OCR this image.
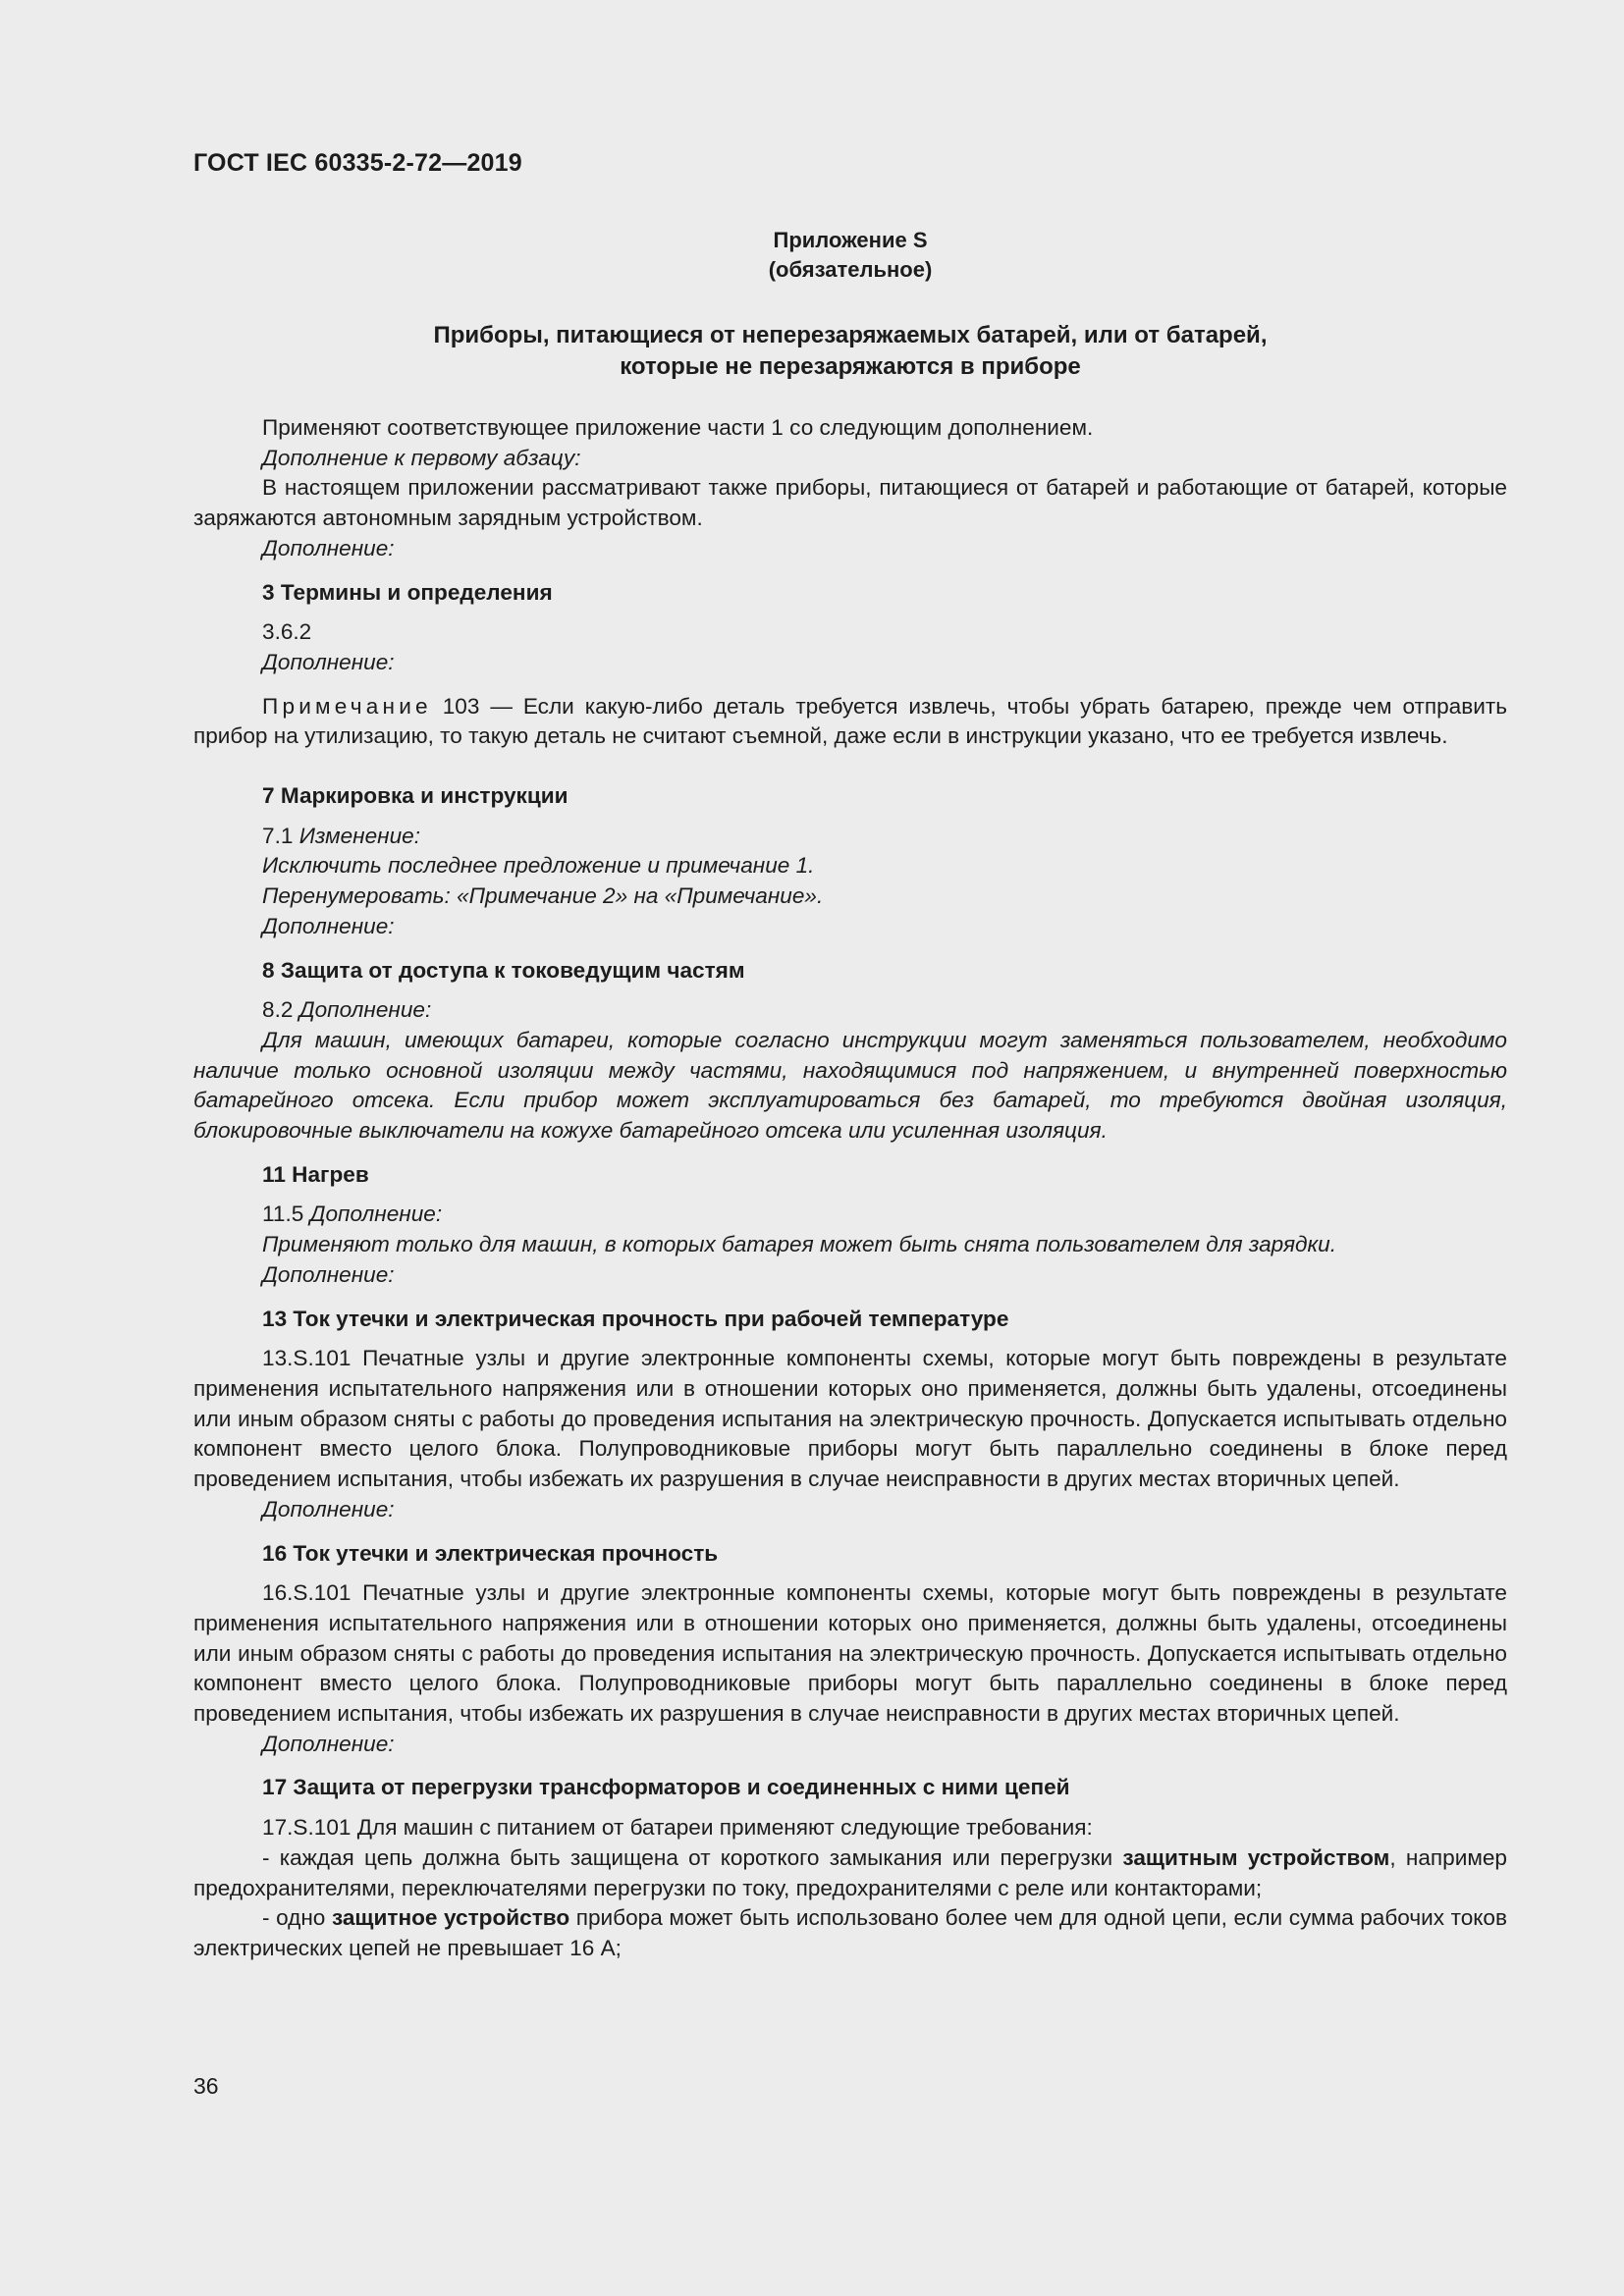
ГОСТ IEC 60335-2-72—2019
Приложение S
(обязательное)
Приборы, питающиеся от неперезаряжаемых батарей, или от батарей,
которые не перезаряжаются в приборе

Применяют соответствующее приложение части 1 со следующим дополнением.

Дополнение к первому абзацу:

В настоящем приложении рассматривают также приборы, питающиеся от батарей и работающие от батарей, которые заряжаются автономным зарядным устройством.

Дополнение:

3 Термины и определения

3.6.2

Дополнение:

Примечание 103 — Если какую-либо деталь требуется извлечь, чтобы убрать батарею, прежде чем отправить прибор на утилизацию, то такую деталь не считают съемной, даже если в инструкции указано, что ее требуется извлечь.

7 Маркировка и инструкции

7.1 Изменение:

Исключить последнее предложение и примечание 1.

Перенумеровать: «Примечание 2» на «Примечание».

Дополнение:

8 Защита от доступа к токоведущим частям

8.2 Дополнение:

Для машин, имеющих батареи, которые согласно инструкции могут заменяться пользователем, необходимо наличие только основной изоляции между частями, находящимися под напряжением, и внутренней поверхностью батарейного отсека. Если прибор может эксплуатироваться без батарей, то требуются двойная изоляция, блокировочные выключатели на кожухе батарейного отсека или усиленная изоляция.

11 Нагрев

11.5 Дополнение:

Применяют только для машин, в которых батарея может быть снята пользователем для зарядки.

Дополнение:

13 Ток утечки и электрическая прочность при рабочей температуре

13.S.101 Печатные узлы и другие электронные компоненты схемы, которые могут быть повреждены в результате применения испытательного напряжения или в отношении которых оно применяется, должны быть удалены, отсоединены или иным образом сняты с работы до проведения испытания на электрическую прочность. Допускается испытывать отдельно компонент вместо целого блока. Полупроводниковые приборы могут быть параллельно соединены в блоке перед проведением испытания, чтобы избежать их разрушения в случае неисправности в других местах вторичных цепей.

Дополнение:

16 Ток утечки и электрическая прочность

16.S.101 Печатные узлы и другие электронные компоненты схемы, которые могут быть повреждены в результате применения испытательного напряжения или в отношении которых оно применяется, должны быть удалены, отсоединены или иным образом сняты с работы до проведения испытания на электрическую прочность. Допускается испытывать отдельно компонент вместо целого блока. Полупроводниковые приборы могут быть параллельно соединены в блоке перед проведением испытания, чтобы избежать их разрушения в случае неисправности в других местах вторичных цепей.

Дополнение:

17 Защита от перегрузки трансформаторов и соединенных с ними цепей

17.S.101 Для машин с питанием от батареи применяют следующие требования:

- каждая цепь должна быть защищена от короткого замыкания или перегрузки защитным устройством, например предохранителями, переключателями перегрузки по току, предохранителями с реле или контакторами;

- одно защитное устройство прибора может быть использовано более чем для одной цепи, если сумма рабочих токов электрических цепей не превышает 16 А;

36
